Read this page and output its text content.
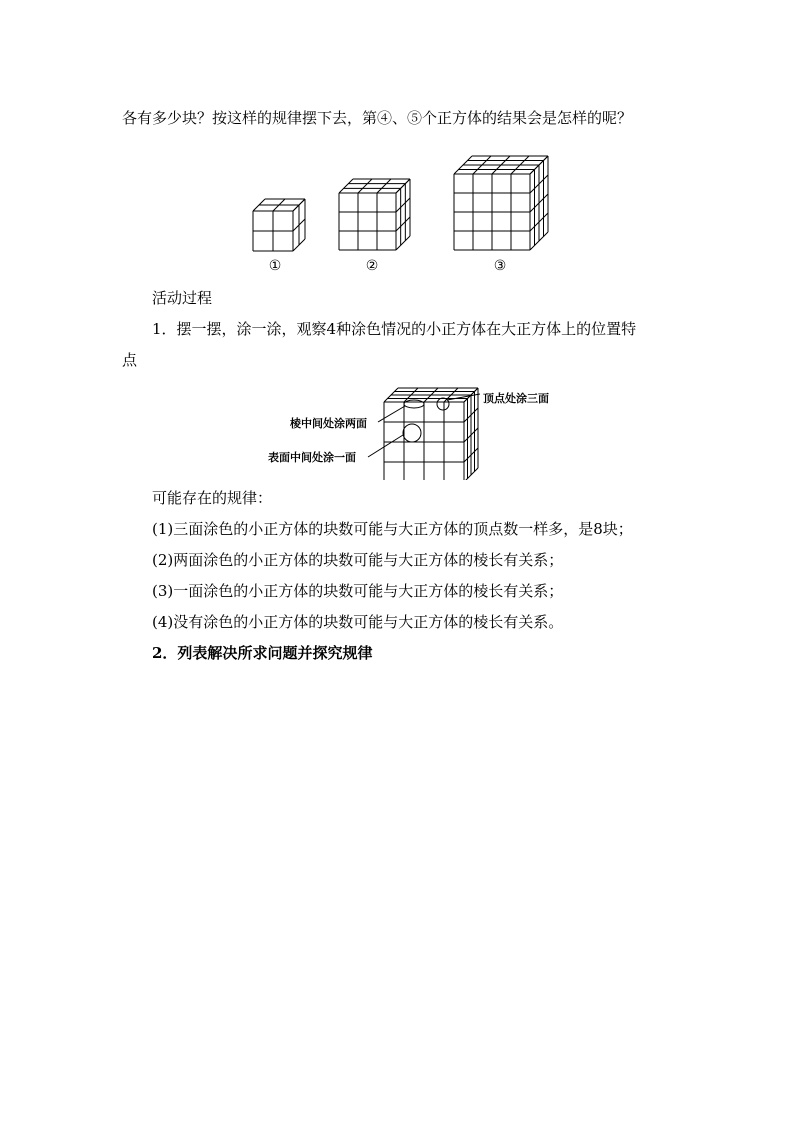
各有多少块？按这样的规律摆下去，第④、⑤个正方体的结果会是怎样的呢？
①	②	③
活动过程
1．摆一摆，涂一涂，观察4种涂色情况的小正方体在大正方体上的位置特
点
顶点处涂三面
棱中间处涂两面
表面中间处涂一面
可能存在的规律：
(1)三面涂色的小正方体的块数可能与大正方体的顶点数一样多，是8块；
(2)两面涂色的小正方体的块数可能与大正方体的棱长有关系；
(3)一面涂色的小正方体的块数可能与大正方体的棱长有关系；
(4)没有涂色的小正方体的块数可能与大正方体的棱长有关系。
2．列表解决所求问题并探究规律
